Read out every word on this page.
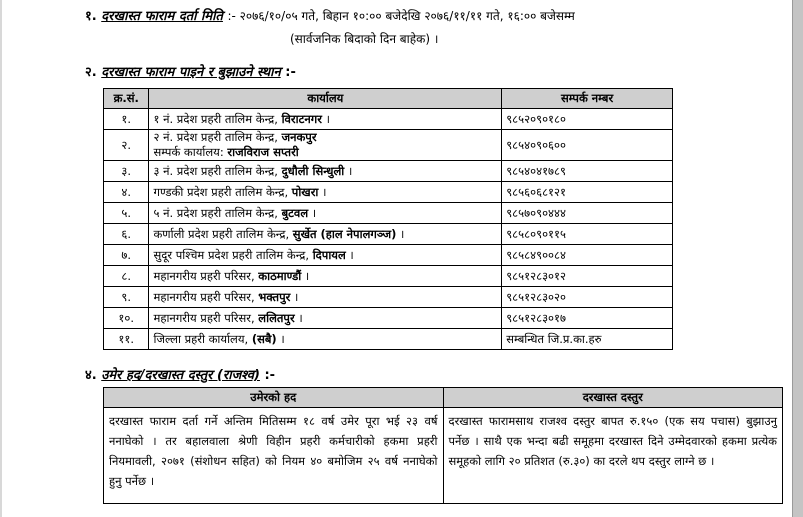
१. दरखास्त फाराम दर्ता मिति :- २०७६/१०/०५ गते, बिहान १०:०० बजेदेखि २०७६/११/११ गते, १६:०० बजेसम्म
(सार्वजनिक बिदाको दिन बाहेक) ।
२. दरखास्त फाराम पाइने र बुझाउने स्थान :-
क्र.सं.	कार्यालय	सम्पर्क नम्बर
१.	१ नं. प्रदेश प्रहरी तालिम केन्द्र, विराटनगर ।	९८५२०९०१८०
२.	२ नं. प्रदेश प्रहरी तालिम केन्द्र, जनकपुर
सम्पर्क कार्यालय: राजविराज सप्तरी	९८५४०९०६००
३.	३ नं. प्रदेश प्रहरी तालिम केन्द्र, दुधौली सिन्धुली ।	९८५४०४१७८९
४.	गण्डकी प्रदेश प्रहरी तालिम केन्द्र, पोखरा ।	९८५६०६८१२१
५.	५ नं. प्रदेश प्रहरी तालिम केन्द्र, बुटवल ।	९८५७०९०४४४
६.	कर्णाली प्रदेश प्रहरी तालिम केन्द्र, सुर्खेत (हाल नेपालगञ्ज) ।	९८५८०९०११५
७.	सुदूर पश्चिम प्रदेश प्रहरी तालिम केन्द्र, दिपायल ।	९८५८४९००८४
८.	महानगरीय प्रहरी परिसर, काठमाण्डौं ।	९८५१२८३०१२
९.	महानगरीय प्रहरी परिसर, भक्तपुर ।	९८५१२८३०२०
१०.	महानगरीय प्रहरी परिसर, ललितपुर ।	९८५१२८३०१७
११.	जिल्ला प्रहरी कार्यालय, (सबै) ।	सम्बन्धित जि.प्र.का.हरु
४. उमेर हद/दरखास्त दस्तुर (राजश्व) :-
उमेरको हद	दरखास्त दस्तुर
दरखास्त फाराम दर्ता गर्ने अन्तिम मितिसम्म १८ वर्ष उमेर पूरा भई २३ वर्ष ननाघेको । तर बहालवाला श्रेणी विहीन प्रहरी कर्मचारीको हकमा प्रहरी नियमावली, २०७१ (संशोधन सहित) को नियम ४० बमोजिम २५ वर्ष ननाघेको हुनु पर्नेछ ।	दरखास्त फारामसाथ राजश्व दस्तुर बापत रु.१५० (एक सय पचास) बुझाउनु पर्नेछ । साथै एक भन्दा बढी समूहमा दरखास्त दिने उम्मेदवारको हकमा प्रत्येक समूहको लागि २० प्रतिशत (रु.३०) का दरले थप दस्तुर लाग्ने छ ।
